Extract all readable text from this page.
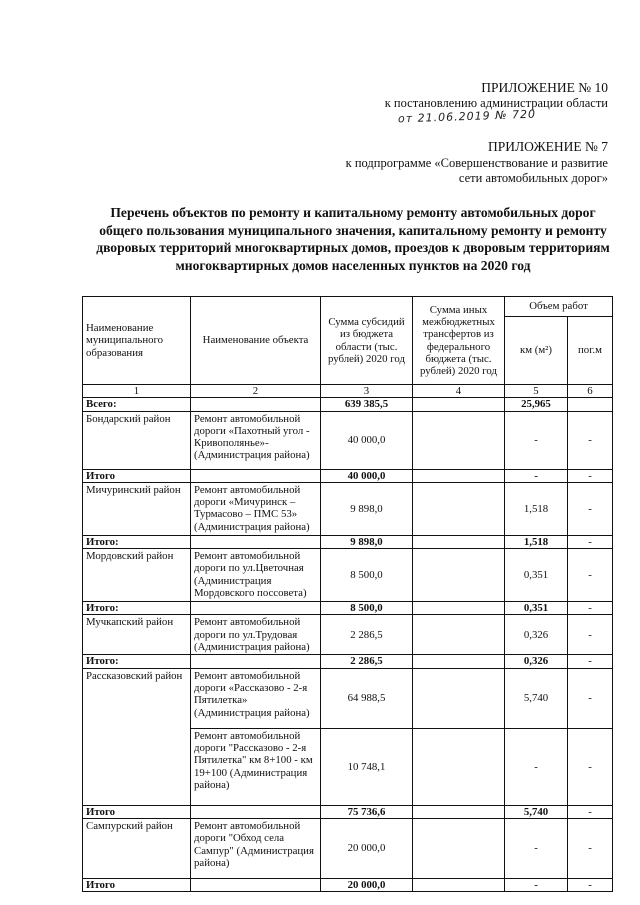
ПРИЛОЖЕНИЕ № 10
к постановлению администрации области
от 21.06.2019 № 720
ПРИЛОЖЕНИЕ № 7
к подпрограмме «Совершенствование и развитие
сети автомобильных дорог»
Перечень объектов по ремонту и капитальному ремонту автомобильных дорог общего пользования муниципального значения, капитальному ремонту и ремонту дворовых территорий многоквартирных домов, проездов к дворовым территориям многоквартирных домов населенных пунктов на 2020 год
Наименование муниципального образования	Наименование объекта	Сумма субсидий из бюджета области (тыс. рублей) 2020 год	Сумма иных межбюджетных трансфертов из федерального бюджета (тыс. рублей) 2020 год	Объем работ	
				км (м²)	пог.м
1	2	3	4	5	6
Всего:		639 385,5		25,965	
Бондарский район	Ремонт автомобильной дороги «Пахотный угол - Кривополянье»- (Администрация района)	40 000,0		-	-
Итого		40 000,0		-	-
Мичуринский район	Ремонт автомобильной дороги «Мичуринск – Турмасово – ПМС 53» (Администрация района)	9 898,0		1,518	-
Итого:		9 898,0		1,518	-
Мордовский район	Ремонт автомобильной дороги по ул.Цветочная (Администрация Мордовского поссовета)	8 500,0		0,351	-
Итого:		8 500,0		0,351	-
Мучкапский район	Ремонт автомобильной дороги по ул.Трудовая (Администрация района)	2 286,5		0,326	-
Итого:		2 286,5		0,326	-
Рассказовский район	Ремонт автомобильной дороги «Рассказово - 2-я Пятилетка» (Администрация района)	64 988,5		5,740	-
	Ремонт автомобильной дороги "Рассказово - 2-я Пятилетка" км 8+100 - км 19+100 (Администрация района)	10 748,1		-	-
Итого		75 736,6		5,740	-
Сампурский район	Ремонт автомобильной дороги "Обход села Сампур" (Администрация района)	20 000,0		-	-
Итого		20 000,0		-	-
